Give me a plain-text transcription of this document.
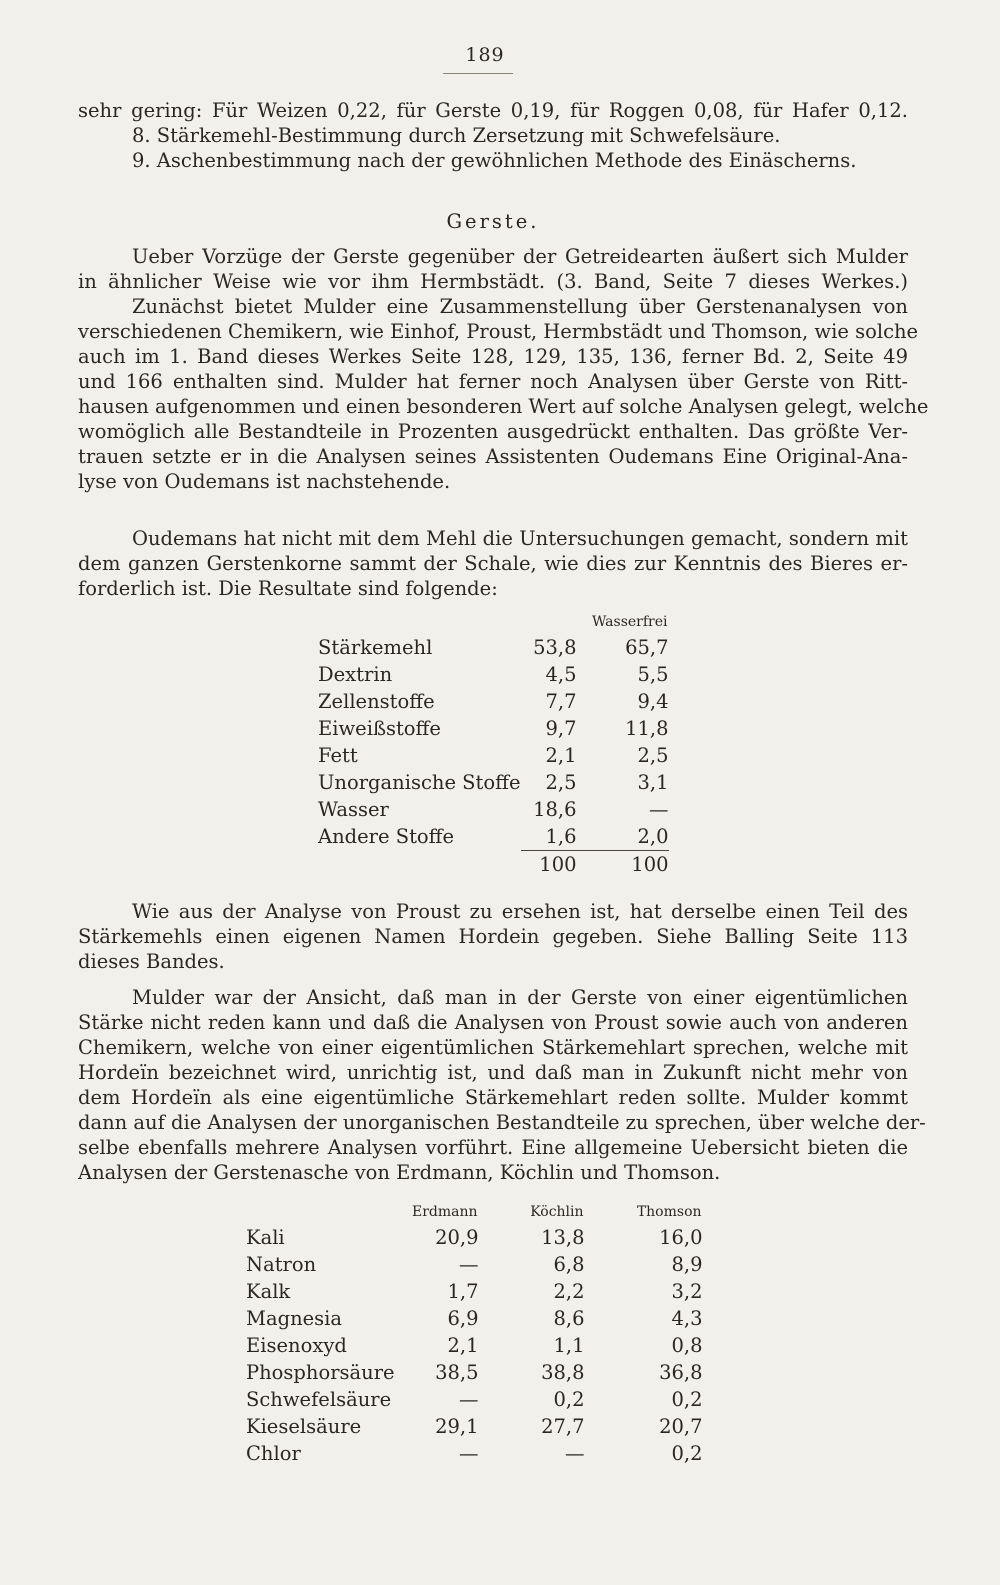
189
sehr gering: Für Weizen 0,22, für Gerste 0,19, für Roggen 0,08, für Hafer 0,12.
8. Stärkemehl-Bestimmung durch Zersetzung mit Schwefelsäure.
9. Aschenbestimmung nach der gewöhnlichen Methode des Einäscherns.
Gerste.
Ueber Vorzüge der Gerste gegenüber der Getreidearten äußert sich Mulder
in ähnlicher Weise wie vor ihm Hermbstädt. (3. Band, Seite 7 dieses Werkes.)
Zunächst bietet Mulder eine Zusammenstellung über Gerstenanalysen von
verschiedenen Chemikern, wie Einhof, Proust, Hermbstädt und Thomson, wie solche
auch im 1. Band dieses Werkes Seite 128, 129, 135, 136, ferner Bd. 2, Seite 49
und 166 enthalten sind. Mulder hat ferner noch Analysen über Gerste von Ritt-
hausen aufgenommen und einen besonderen Wert auf solche Analysen gelegt, welche
womöglich alle Bestandteile in Prozenten ausgedrückt enthalten. Das größte Ver-
trauen setzte er in die Analysen seines Assistenten Oudemans Eine Original-Ana-
lyse von Oudemans ist nachstehende.
Oudemans hat nicht mit dem Mehl die Untersuchungen gemacht, sondern mit
dem ganzen Gerstenkorne sammt der Schale, wie dies zur Kenntnis des Bieres er-
forderlich ist. Die Resultate sind folgende:
		Wasserfrei
Stärkemehl	53,8	65,7
Dextrin	4,5	5,5
Zellenstoffe	7,7	9,4
Eiweißstoffe	9,7	11,8
Fett	2,1	2,5
Unorganische Stoffe	2,5	3,1
Wasser	18,6	—
Andere Stoffe	1,6	2,0
	100	100
Wie aus der Analyse von Proust zu ersehen ist, hat derselbe einen Teil des
Stärkemehls einen eigenen Namen Hordein gegeben. Siehe Balling Seite 113
dieses Bandes.
Mulder war der Ansicht, daß man in der Gerste von einer eigentümlichen
Stärke nicht reden kann und daß die Analysen von Proust sowie auch von anderen
Chemikern, welche von einer eigentümlichen Stärkemehlart sprechen, welche mit
Hordeïn bezeichnet wird, unrichtig ist, und daß man in Zukunft nicht mehr von
dem Hordeïn als eine eigentümliche Stärkemehlart reden sollte. Mulder kommt
dann auf die Analysen der unorganischen Bestandteile zu sprechen, über welche der-
selbe ebenfalls mehrere Analysen vorführt. Eine allgemeine Uebersicht bieten die
Analysen der Gerstenasche von Erdmann, Köchlin und Thomson.
	Erdmann	Köchlin	Thomson
Kali	20,9	13,8	16,0
Natron	—	6,8	8,9
Kalk	1,7	2,2	3,2
Magnesia	6,9	8,6	4,3
Eisenoxyd	2,1	1,1	0,8
Phosphorsäure	38,5	38,8	36,8
Schwefelsäure	—	0,2	0,2
Kieselsäure	29,1	27,7	20,7
Chlor	—	—	0,2
